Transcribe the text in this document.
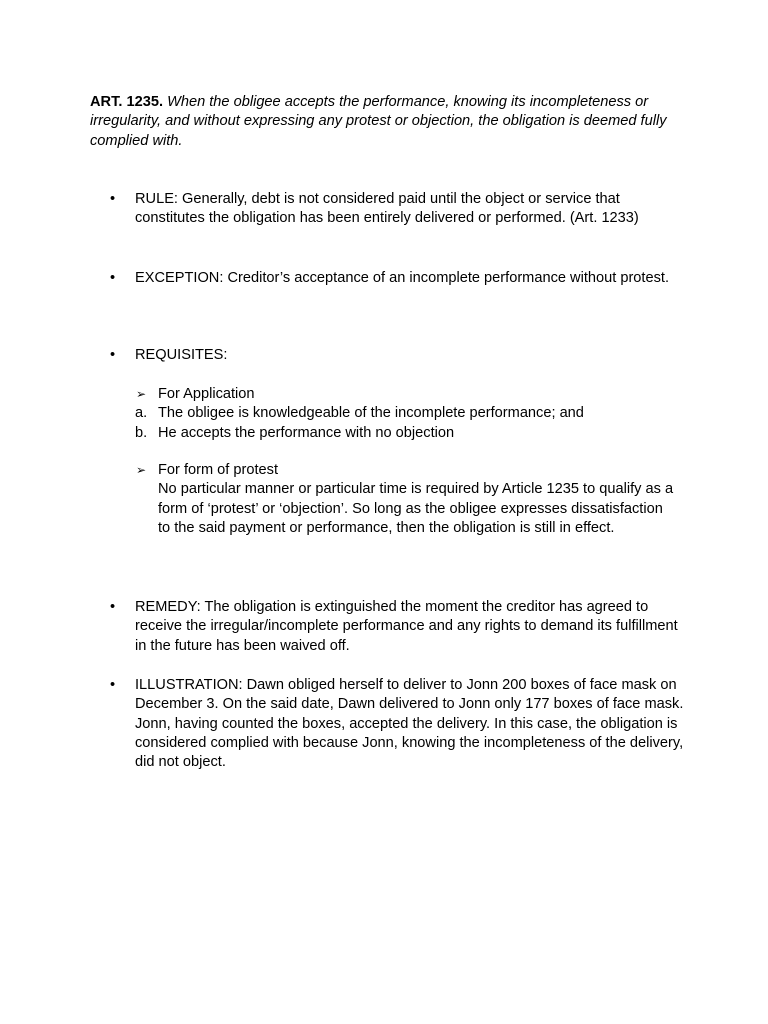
ART. 1235. When the obligee accepts the performance, knowing its incompleteness or irregularity, and without expressing any protest or objection, the obligation is deemed fully complied with.
• RULE: Generally, debt is not considered paid until the object or service that constitutes the obligation has been entirely delivered or performed. (Art. 1233)
• EXCEPTION: Creditor’s acceptance of an incomplete performance without protest.
• REQUISITES:
➢ For Application
a. The obligee is knowledgeable of the incomplete performance; and
b. He accepts the performance with no objection
➢ For form of protest
No particular manner or particular time is required by Article 1235 to qualify as a form of ‘protest’ or ‘objection’. So long as the obligee expresses dissatisfaction to the said payment or performance, then the obligation is still in effect.
• REMEDY: The obligation is extinguished the moment the creditor has agreed to receive the irregular/incomplete performance and any rights to demand its fulfillment in the future has been waived off.
• ILLUSTRATION: Dawn obliged herself to deliver to Jonn 200 boxes of face mask on December 3. On the said date, Dawn delivered to Jonn only 177 boxes of face mask. Jonn, having counted the boxes, accepted the delivery. In this case, the obligation is considered complied with because Jonn, knowing the incompleteness of the delivery, did not object.
